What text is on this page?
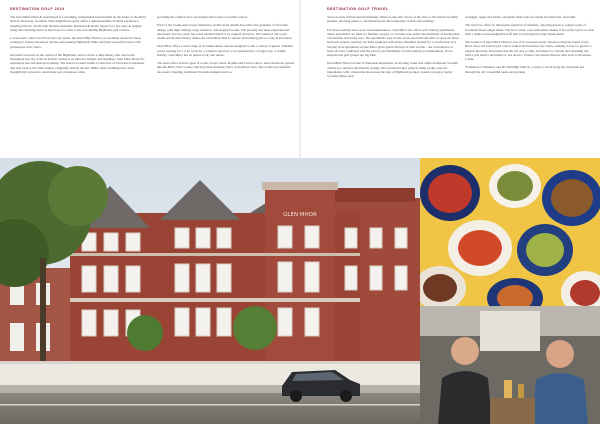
DESTINATION GOLF 2024

The Glen Mhor Hotel & Apartments is a charming, independent hotel nestled on the banks of the River Ness in Inverness, Scotland. This delightful property offers a quintessentially Scottish experience, blending historic charm with modern amenities. Desmond & Kevin stayed for a few days in August, using this charming hotel as their base for visits to the surrounding Highlands golf courses.

Located just a short stroll from the city centre, the Glen Mhor Hotel is an excellent choice for those wanting to explore Inverness and the surrounding Highlands while enjoying a peaceful retreat with picturesque river views.

Inverness is known as the capital of the Highlands, and it carries a deep history that can be felt throughout the city, from its ancient castles to its intricate bridges and buildings. Glen Mhor Hotel fits seamlessly into this historical setting. The hotel is housed within a collection of Victorian townhouses that date back to the 19th century. Originally built in the late 1800s, these buildings have been thoughtfully restored to retain their period features while

providing the comfort and convenience that today's travellers expect.

Each of the townhouses boasts distinctive architectural details that reflect the grandeur of Victorian design, with high ceilings, large windows, and elegant facades. The property has been expanded and renovated over the years, but it has retained much of its original character. This blend of old-world charm and modern luxury makes the Glen Mhor Hotel a unique and inviting place to stay in Inverness.

Glen Mhor offers a wide range of accommodation options designed to suit a variety of guests. Whether you're looking for a cozy room for a romantic getaway or an apartment for a longer stay or family holiday, Glen Mhor has an option to fit your needs.

The hotel offers several types of rooms, from Classic Double and Twin rooms to more luxurious options like the River View rooms, which provide stunning views of the River Ness. The rooms are tastefully decorated, blending traditional Scottish elements such as

DESTINATION GOLF TRAVEL

tartan accents with modern furnishings. Many rooms offer views of the river or the hotel's beautiful gardens, allowing guests to feel immersed in the tranquility of their surroundings.

For those seeking more space and independence, Glen Mhor also offers self-catering apartments. These apartments are ideal for families, groups, or travelers who prefer the flexibility of having their own kitchen and living area. The apartments vary in size, from one-bedroom units to spacious three-bedroom options, and they are fully equipped with all the amenities needed for a comfortable stay. Staying in an apartment at Glen Mhor gives guests the best of both worlds – the convenience of hotel services combined with the privacy and flexibility of self-catering accommodation. It's no surprise that golf groups are big fans!

Glen Mhor Hotel is home to Waterside Restaurant, an inviting venue that offers traditional Scottish cuisine in a relaxed and friendly setting. The restaurant takes pride in using locally sourced ingredients, with a menu that showcases the best of Highland produce. Guests can enjoy hearty Scottish dishes such

as haggis, neeps and tatties, alongside fresh seafood, tender Scottish beef, and lamb.

The hotel bar offers an impressive selection of whiskies, allowing guests to sample some of Scotland's finest single malts. The bar's warm, cosy atmosphere makes it the perfect place to relax with a drink as knowledgeable staff talk you through the large drinks menu.

The location of Glen Mhor Hotel is one of its strongest assets. Situated along the banks of the River Ness, the hotel is just a short walk from Inverness city centre, making it easy for guests to explore the many attractions that the city has to offer. Inverness is a vibrant and charming city, with a rich history and plenty to see and do. Visitors can explore historic sites such as Inverness Castle,

St Andrew's Cathedral, and the Old High Church, or enjoy a stroll along the riverbank and through the city's beautiful parks and gardens.

GLEN MHOR
